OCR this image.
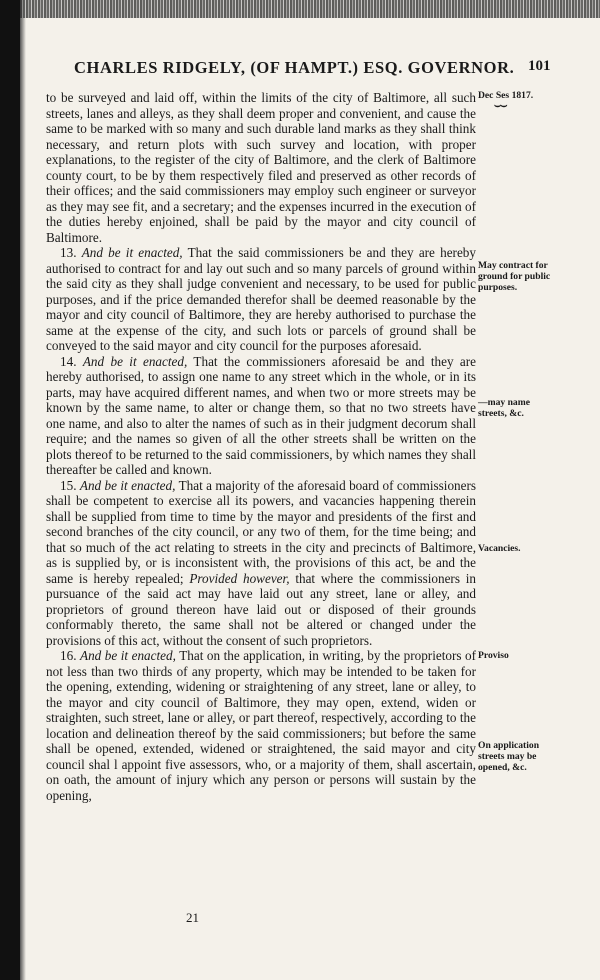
CHARLES RIDGELY, (OF HAMPT.) ESQ. GOVERNOR. 101
Dec Ses 1817.
⌣⌣
May contract for ground for public purposes.
—may name streets, &c.
Vacancies.
Proviso
On application streets may be opened, &c.

to be surveyed and laid off, within the limits of the city of Baltimore, all such streets, lanes and alleys, as they shall deem proper and convenient, and cause the same to be marked with so many and such durable land marks as they shall think necessary, and return plots with such survey and location, with proper explanations, to the register of the city of Baltimore, and the clerk of Baltimore county court, to be by them respectively filed and preserved as other records of their offices; and the said commissioners may employ such engineer or surveyor as they may see fit, and a secretary; and the expenses incurred in the execution of the duties hereby enjoined, shall be paid by the mayor and city council of Baltimore.

13. And be it enacted, That the said commissioners be and they are hereby authorised to contract for and lay out such and so many parcels of ground within the said city as they shall judge convenient and necessary, to be used for public purposes, and if the price demanded therefor shall be deemed reasonable by the mayor and city council of Baltimore, they are hereby authorised to purchase the same at the expense of the city, and such lots or parcels of ground shall be conveyed to the said mayor and city council for the purposes aforesaid.

14. And be it enacted, That the commissioners aforesaid be and they are hereby authorised, to assign one name to any street which in the whole, or in its parts, may have acquired different names, and when two or more streets may be known by the same name, to alter or change them, so that no two streets have one name, and also to alter the names of such as in their judgment decorum shall require; and the names so given of all the other streets shall be written on the plots thereof to be returned to the said commissioners, by which names they shall thereafter be called and known.

15. And be it enacted, That a majority of the aforesaid board of commissioners shall be competent to exercise all its powers, and vacancies happening therein shall be supplied from time to time by the mayor and presidents of the first and second branches of the city council, or any two of them, for the time being; and that so much of the act relating to streets in the city and precincts of Baltimore, as is supplied by, or is inconsistent with, the provisions of this act, be and the same is hereby repealed; Provided however, that where the commissioners in pursuance of the said act may have laid out any street, lane or alley, and proprietors of ground thereon have laid out or disposed of their grounds conformably thereto, the same shall not be altered or changed under the provisions of this act, without the consent of such proprietors.

16. And be it enacted, That on the application, in writing, by the proprietors of not less than two thirds of any property, which may be intended to be taken for the opening, extending, widening or straightening of any street, lane or alley, to the mayor and city council of Baltimore, they may open, extend, widen or straighten, such street, lane or alley, or part thereof, respectively, according to the location and delineation thereof by the said commissioners; but before the same shall be opened, extended, widened or straightened, the said mayor and city council shal l appoint five assessors, who, or a majority of them, shall ascertain, on oath, the amount of injury which any person or persons will sustain by the opening,

21
